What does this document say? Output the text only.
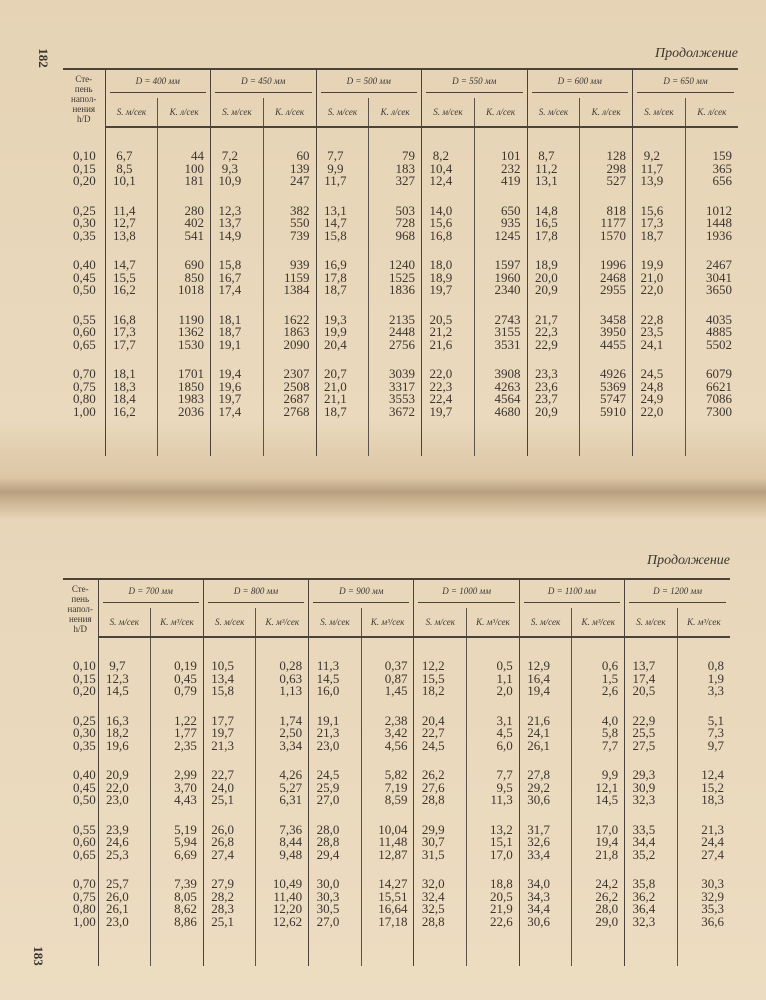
182	Продолжение
Сте-
пень
напол-
нения
h/D	D = 400 мм		D = 450 мм		D = 500 мм		D = 550 мм		D = 600 мм		D = 650 мм	

	S. м/сек	K. л/сек	S. м/сек	K. л/сек	S. м/сек	K. л/сек	S. м/сек	K. л/сек	S. м/сек	K. л/сек	S. м/сек	K. л/сек

0,10	6,7	44	7,2	60	7,7	79	8,2	101	8,7	128	9,2	159
0,15	8,5	100	9,3	139	9,9	183	10,4	232	11,2	298	11,7	365
0,20	10,1	181	10,9	247	11,7	327	12,4	419	13,1	527	13,9	656

0,25	11,4	280	12,3	382	13,1	503	14,0	650	14,8	818	15,6	1012
0,30	12,7	402	13,7	550	14,7	728	15,6	935	16,5	1177	17,3	1448
0,35	13,8	541	14,9	739	15,8	968	16,8	1245	17,8	1570	18,7	1936

0,40	14,7	690	15,8	939	16,9	1240	18,0	1597	18,9	1996	19,9	2467
0,45	15,5	850	16,7	1159	17,8	1525	18,9	1960	20,0	2468	21,0	3041
0,50	16,2	1018	17,4	1384	18,7	1836	19,7	2340	20,9	2955	22,0	3650

0,55	16,8	1190	18,1	1622	19,3	2135	20,5	2743	21,7	3458	22,8	4035
0,60	17,3	1362	18,7	1863	19,9	2448	21,2	3155	22,3	3950	23,5	4885
0,65	17,7	1530	19,1	2090	20,4	2756	21,6	3531	22,9	4455	24,1	5502

0,70	18,1	1701	19,4	2307	20,7	3039	22,0	3908	23,3	4926	24,5	6079
0,75	18,3	1850	19,6	2508	21,0	3317	22,3	4263	23,6	5369	24,8	6621
0,80	18,4	1983	19,7	2687	21,1	3553	22,4	4564	23,7	5747	24,9	7086
1,00	16,2	2036	17,4	2768	18,7	3672	19,7	4680	20,9	5910	22,0	7300

183
Продолжение
Сте-
пень
напол-
нения
h/D	D = 700 мм		D = 800 мм		D = 900 мм		D = 1000 мм		D = 1100 мм		D = 1200 мм	

	S. м/сек	K. м³/сек	S. м/сек	K. м³/сек	S. м/сек	K. м³/сек	S. м/сек	K. м³/сек	S. м/сек	K. м³/сек	S. м/сек	K. м³/сек

0,10	9,7	0,19	10,5	0,28	11,3	0,37	12,2	0,5	12,9	0,6	13,7	0,8
0,15	12,3	0,45	13,4	0,63	14,5	0,87	15,5	1,1	16,4	1,5	17,4	1,9
0,20	14,5	0,79	15,8	1,13	16,0	1,45	18,2	2,0	19,4	2,6	20,5	3,3

0,25	16,3	1,22	17,7	1,74	19,1	2,38	20,4	3,1	21,6	4,0	22,9	5,1
0,30	18,2	1,77	19,7	2,50	21,3	3,42	22,7	4,5	24,1	5,8	25,5	7,3
0,35	19,6	2,35	21,3	3,34	23,0	4,56	24,5	6,0	26,1	7,7	27,5	9,7

0,40	20,9	2,99	22,7	4,26	24,5	5,82	26,2	7,7	27,8	9,9	29,3	12,4
0,45	22,0	3,70	24,0	5,27	25,9	7,19	27,6	9,5	29,2	12,1	30,9	15,2
0,50	23,0	4,43	25,1	6,31	27,0	8,59	28,8	11,3	30,6	14,5	32,3	18,3

0,55	23,9	5,19	26,0	7,36	28,0	10,04	29,9	13,2	31,7	17,0	33,5	21,3
0,60	24,6	5,94	26,8	8,44	28,8	11,48	30,7	15,1	32,6	19,4	34,4	24,4
0,65	25,3	6,69	27,4	9,48	29,4	12,87	31,5	17,0	33,4	21,8	35,2	27,4

0,70	25,7	7,39	27,9	10,49	30,0	14,27	32,0	18,8	34,0	24,2	35,8	30,3
0,75	26,0	8,05	28,2	11,40	30,3	15,51	32,4	20,5	34,3	26,2	36,2	32,9
0,80	26,1	8,62	28,3	12,20	30,5	16,64	32,5	21,9	34,4	28,0	36,4	35,3
1,00	23,0	8,86	25,1	12,62	27,0	17,18	28,8	22,6	30,6	29,0	32,3	36,6
